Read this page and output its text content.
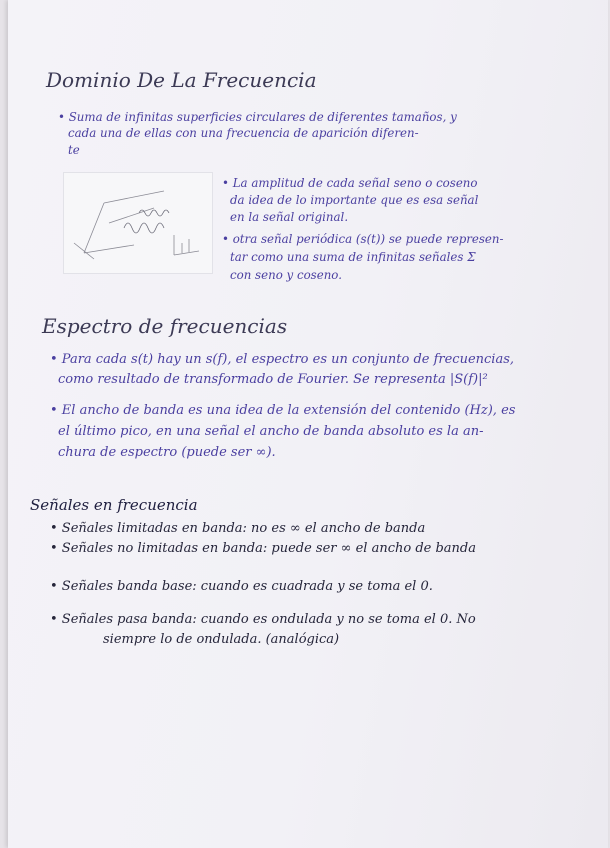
Dominio De La Frecuencia
• Suma de infinitas superficies circulares de diferentes tamaños, y
cada una de ellas con una frecuencia de aparición diferen-
te
• La amplitud de cada señal seno o coseno
da idea de lo importante que es esa señal
en la señal original.
• otra señal periódica (s(t)) se puede represen-
tar como una suma de infinitas señales Σ
con seno y coseno.
Espectro de frecuencias
• Para cada s(t) hay un s(f), el espectro es un conjunto de frecuencias,
como resultado de transformado de Fourier. Se representa |S(f)|²
• El ancho de banda es una idea de la extensión del contenido (Hz), es
el último pico, en una señal el ancho de banda absoluto es la an-
chura de espectro (puede ser ∞).
Señales en frecuencia
• Señales limitadas en banda: no es ∞ el ancho de banda
• Señales no limitadas en banda: puede ser ∞ el ancho de banda
• Señales banda base: cuando es cuadrada y se toma el 0.
• Señales pasa banda: cuando es ondulada y no se toma el 0. No
siempre lo de ondulada. (analógica)
